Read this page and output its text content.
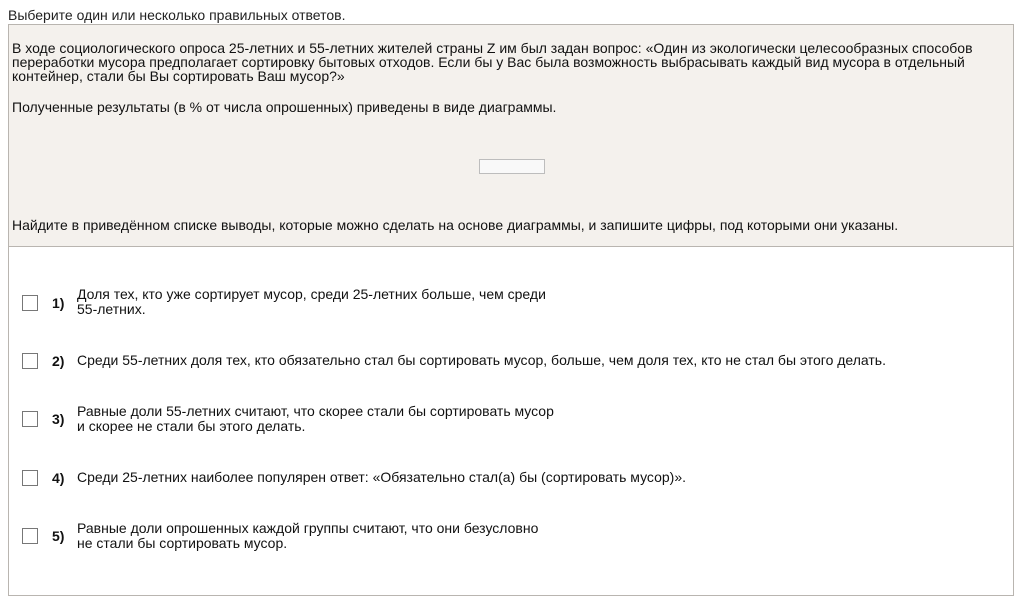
Выберите один или несколько правильных ответов.
В ходе социологического опроса 25-летних и 55-летних жителей страны Z им был задан вопрос: «Один из экологически целесообразных способов переработки мусора предполагает сортировку бытовых отходов. Если бы у Вас была возможность выбрасывать каждый вид мусора в отдельный контейнер, стали бы Вы сортировать Ваш мусор?»
Полученные результаты (в % от числа опрошенных) приведены в виде диаграммы.
Найдите в приведённом списке выводы, которые можно сделать на основе диаграммы, и запишите цифры, под которыми они указаны.
1)
Доля тех, кто уже сортирует мусор, среди 25-летних больше, чем среди
55-летних.
2) Среди 55-летних доля тех, кто обязательно стал бы сортировать мусор, больше, чем доля тех, кто не стал бы этого делать.
3) Равные доли 55-летних считают, что скорее стали бы сортировать мусор
и скорее не стали бы этого делать.
4) Среди 25-летних наиболее популярен ответ: «Обязательно стал(а) бы (сортировать мусор)».
5) Равные доли опрошенных каждой группы считают, что они безусловно
не стали бы сортировать мусор.
